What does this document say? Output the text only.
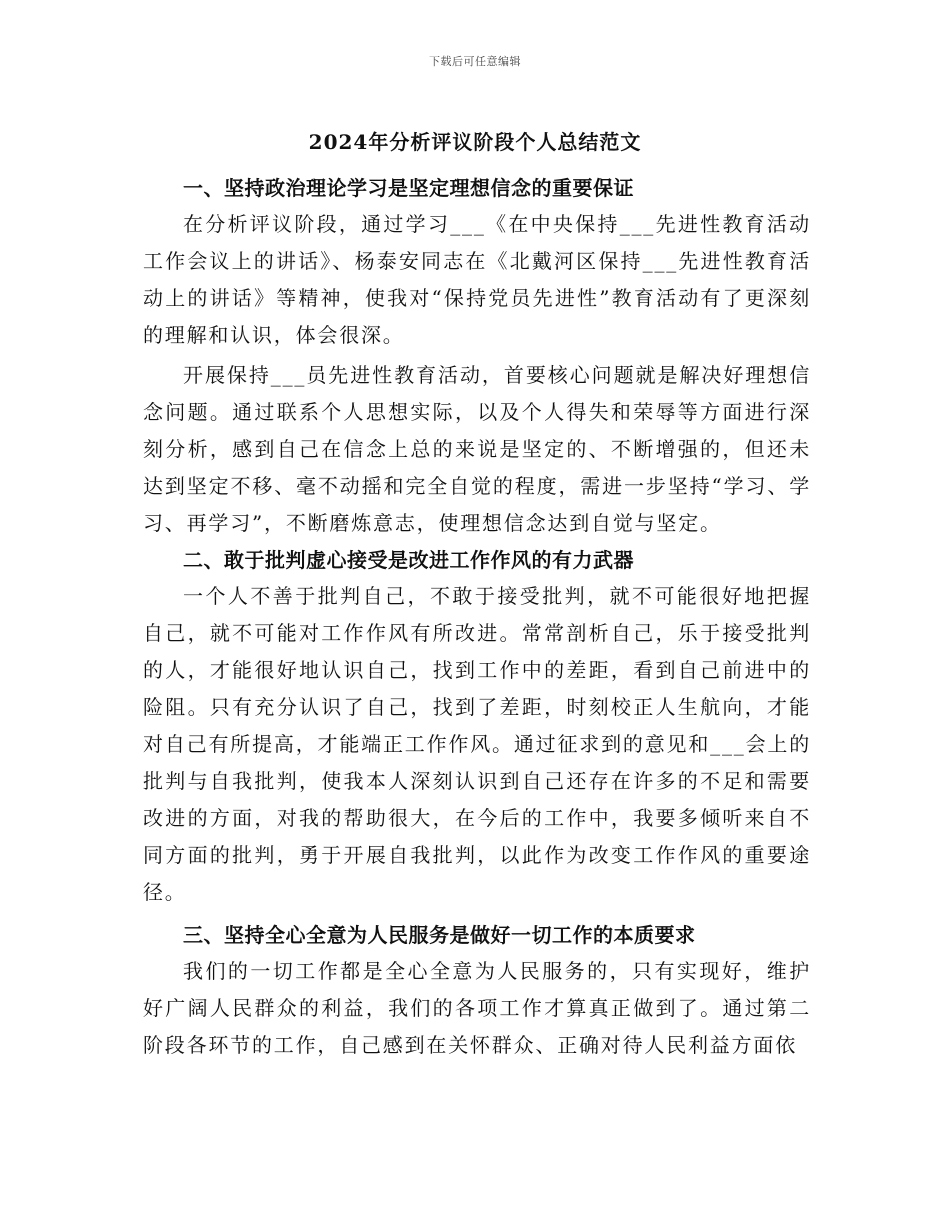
下载后可任意编辑
2024年分析评议阶段个人总结范文
一、坚持政治理论学习是坚定理想信念的重要保证

在分析评议阶段，通过学习___《在中央保持___先进性教育活动工作会议上的讲话》、杨泰安同志在《北戴河区保持___先进性教育活动上的讲话》等精神，使我对“保持党员先进性”教育活动有了更深刻的理解和认识，体会很深。

开展保持___员先进性教育活动，首要核心问题就是解决好理想信念问题。通过联系个人思想实际，以及个人得失和荣辱等方面进行深刻分析，感到自己在信念上总的来说是坚定的、不断增强的，但还未达到坚定不移、毫不动摇和完全自觉的程度，需进一步坚持“学习、学习、再学习”，不断磨炼意志，使理想信念达到自觉与坚定。

二、敢于批判虚心接受是改进工作作风的有力武器

一个人不善于批判自己，不敢于接受批判，就不可能很好地把握自己，就不可能对工作作风有所改进。常常剖析自己，乐于接受批判的人，才能很好地认识自己，找到工作中的差距，看到自己前进中的险阻。只有充分认识了自己，找到了差距，时刻校正人生航向，才能对自己有所提高，才能端正工作作风。通过征求到的意见和___会上的批判与自我批判，使我本人深刻认识到自己还存在许多的不足和需要改进的方面，对我的帮助很大，在今后的工作中，我要多倾听来自不同方面的批判，勇于开展自我批判，以此作为改变工作作风的重要途径。

三、坚持全心全意为人民服务是做好一切工作的本质要求

我们的一切工作都是全心全意为人民服务的，只有实现好，维护好广阔人民群众的利益，我们的各项工作才算真正做到了。通过第二阶段各环节的工作，自己感到在关怀群众、正确对待人民利益方面依
